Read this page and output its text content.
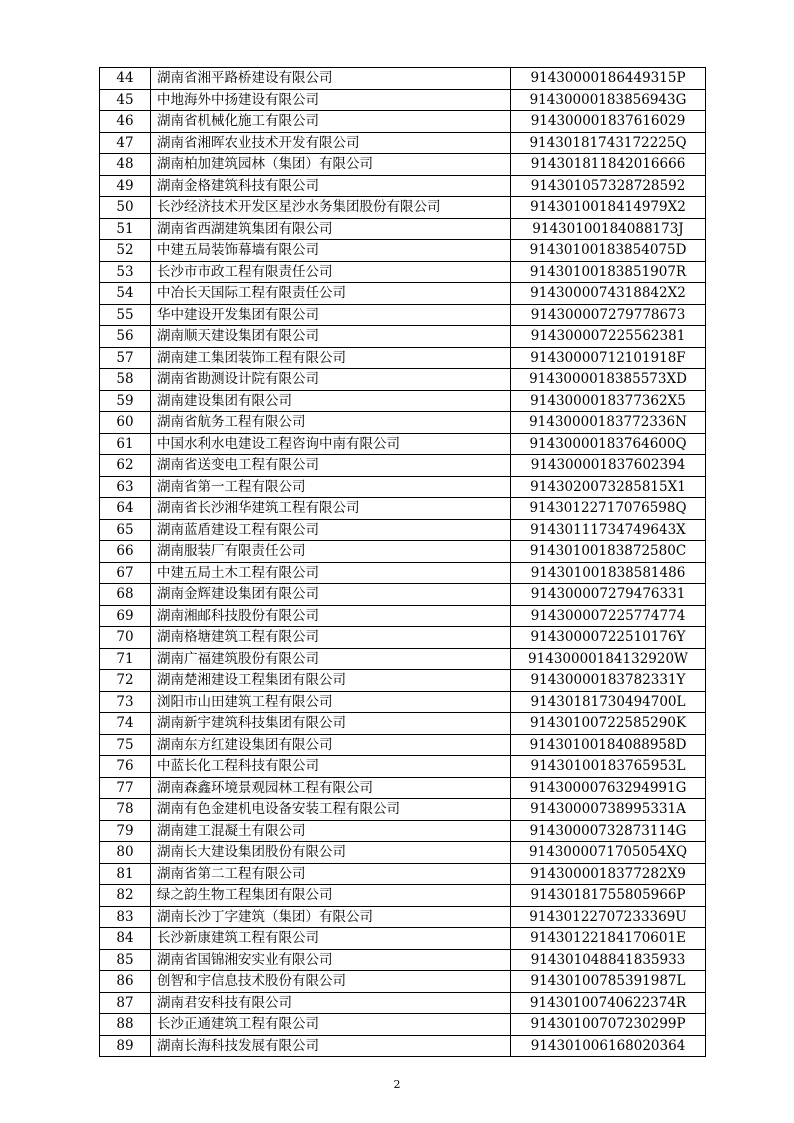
44	湖南省湘平路桥建设有限公司	91430000186449315P
45	中地海外中扬建设有限公司	91430000183856943G
46	湖南省机械化施工有限公司	914300001837616029
47	湖南省湘晖农业技术开发有限公司	91430181743172225Q
48	湖南柏加建筑园林（集团）有限公司	914301811842016666
49	湖南金格建筑科技有限公司	914301057328728592
50	长沙经济技术开发区星沙水务集团股份有限公司	9143010018414979X2
51	湖南省西湖建筑集团有限公司	91430100184088173J
52	中建五局装饰幕墙有限公司	91430100183854075D
53	长沙市市政工程有限责任公司	91430100183851907R
54	中冶长天国际工程有限责任公司	9143000074318842X2
55	华中建设开发集团有限公司	914300007279778673
56	湖南顺天建设集团有限公司	914300007225562381
57	湖南建工集团装饰工程有限公司	91430000712101918F
58	湖南省勘测设计院有限公司	9143000018385573XD
59	湖南建设集团有限公司	9143000018377362X5
60	湖南省航务工程有限公司	91430000183772336N
61	中国水利水电建设工程咨询中南有限公司	91430000183764600Q
62	湖南省送变电工程有限公司	914300001837602394
63	湖南省第一工程有限公司	9143020073285815X1
64	湖南省长沙湘华建筑工程有限公司	91430122717076598Q
65	湖南蓝盾建设工程有限公司	91430111734749643X
66	湖南服装厂有限责任公司	91430100183872580C
67	中建五局土木工程有限公司	914301001838581486
68	湖南金辉建设集团有限公司	914300007279476331
69	湖南湘邮科技股份有限公司	914300007225774774
70	湖南格塘建筑工程有限公司	91430000722510176Y
71	湖南广福建筑股份有限公司	91430000184132920W
72	湖南楚湘建设工程集团有限公司	91430000183782331Y
73	浏阳市山田建筑工程有限公司	91430181730494700L
74	湖南新宇建筑科技集团有限公司	91430100722585290K
75	湖南东方红建设集团有限公司	91430100184088958D
76	中蓝长化工程科技有限公司	91430100183765953L
77	湖南森鑫环境景观园林工程有限公司	91430000763294991G
78	湖南有色金建机电设备安装工程有限公司	91430000738995331A
79	湖南建工混凝土有限公司	91430000732873114G
80	湖南长大建设集团股份有限公司	9143000071705054XQ
81	湖南省第二工程有限公司	9143000018377282X9
82	绿之韵生物工程集团有限公司	91430181755805966P
83	湖南长沙丁字建筑（集团）有限公司	91430122707233369U
84	长沙新康建筑工程有限公司	91430122184170601E
85	湖南省国锦湘安实业有限公司	914301048841835933
86	创智和宇信息技术股份有限公司	91430100785391987L
87	湖南君安科技有限公司	91430100740622374R
88	长沙正通建筑工程有限公司	91430100707230299P
89	湖南长海科技发展有限公司	914301006168020364
2
